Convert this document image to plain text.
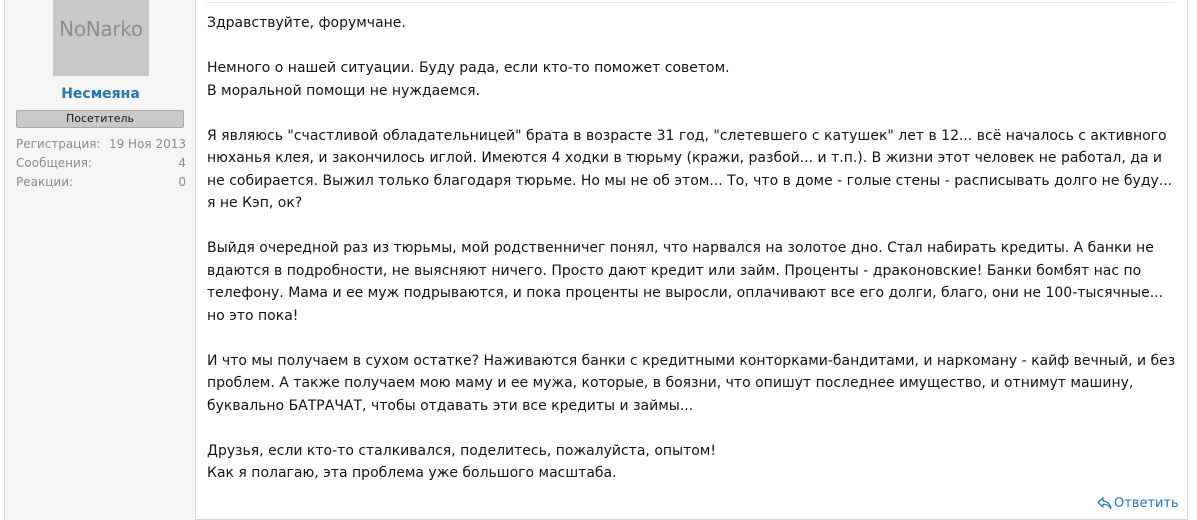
NoNarko
Несмеяна
Посетитель
Регистрация: 19 Ноя 2013
Сообщения:	4
Реакции:	0

Здравствуйте, форумчане.

Немного о нашей ситуации. Буду рада, если кто-то поможет советом.
В моральной помощи не нуждаемся.

Я являюсь "счастливой обладательницей" брата в возрасте 31 год, "слетевшего с катушек" лет в 12... всё началось с активного нюханья клея, и закончилось иглой. Имеются 4 ходки в тюрьму (кражи, разбой... и т.п.). В жизни этот человек не работал, да и не собирается. Выжил только благодаря тюрьме. Но мы не об этом... То, что в доме - голые стены - расписывать долго не буду... я не Кэп, ок?

Выйдя очередной раз из тюрьмы, мой родственничег понял, что нарвался на золотое дно. Стал набирать кредиты. А банки не вдаются в подробности, не выясняют ничего. Просто дают кредит или займ. Проценты - драконовские! Банки бомбят нас по телефону. Мама и ее муж подрываются, и пока проценты не выросли, оплачивают все его долги, благо, они не 100-тысячные... но это пока!

И что мы получаем в сухом остатке? Наживаются банки с кредитными конторками-бандитами, и наркоману - кайф вечный, и без проблем. А также получаем мою маму и ее мужа, которые, в боязни, что опишут последнее имущество, и отнимут машину, буквально БАТРАЧАТ, чтобы отдавать эти все кредиты и займы...

Друзья, если кто-то сталкивался, поделитесь, пожалуйста, опытом!
Как я полагаю, эта проблема уже большого масштаба.

Ответить
